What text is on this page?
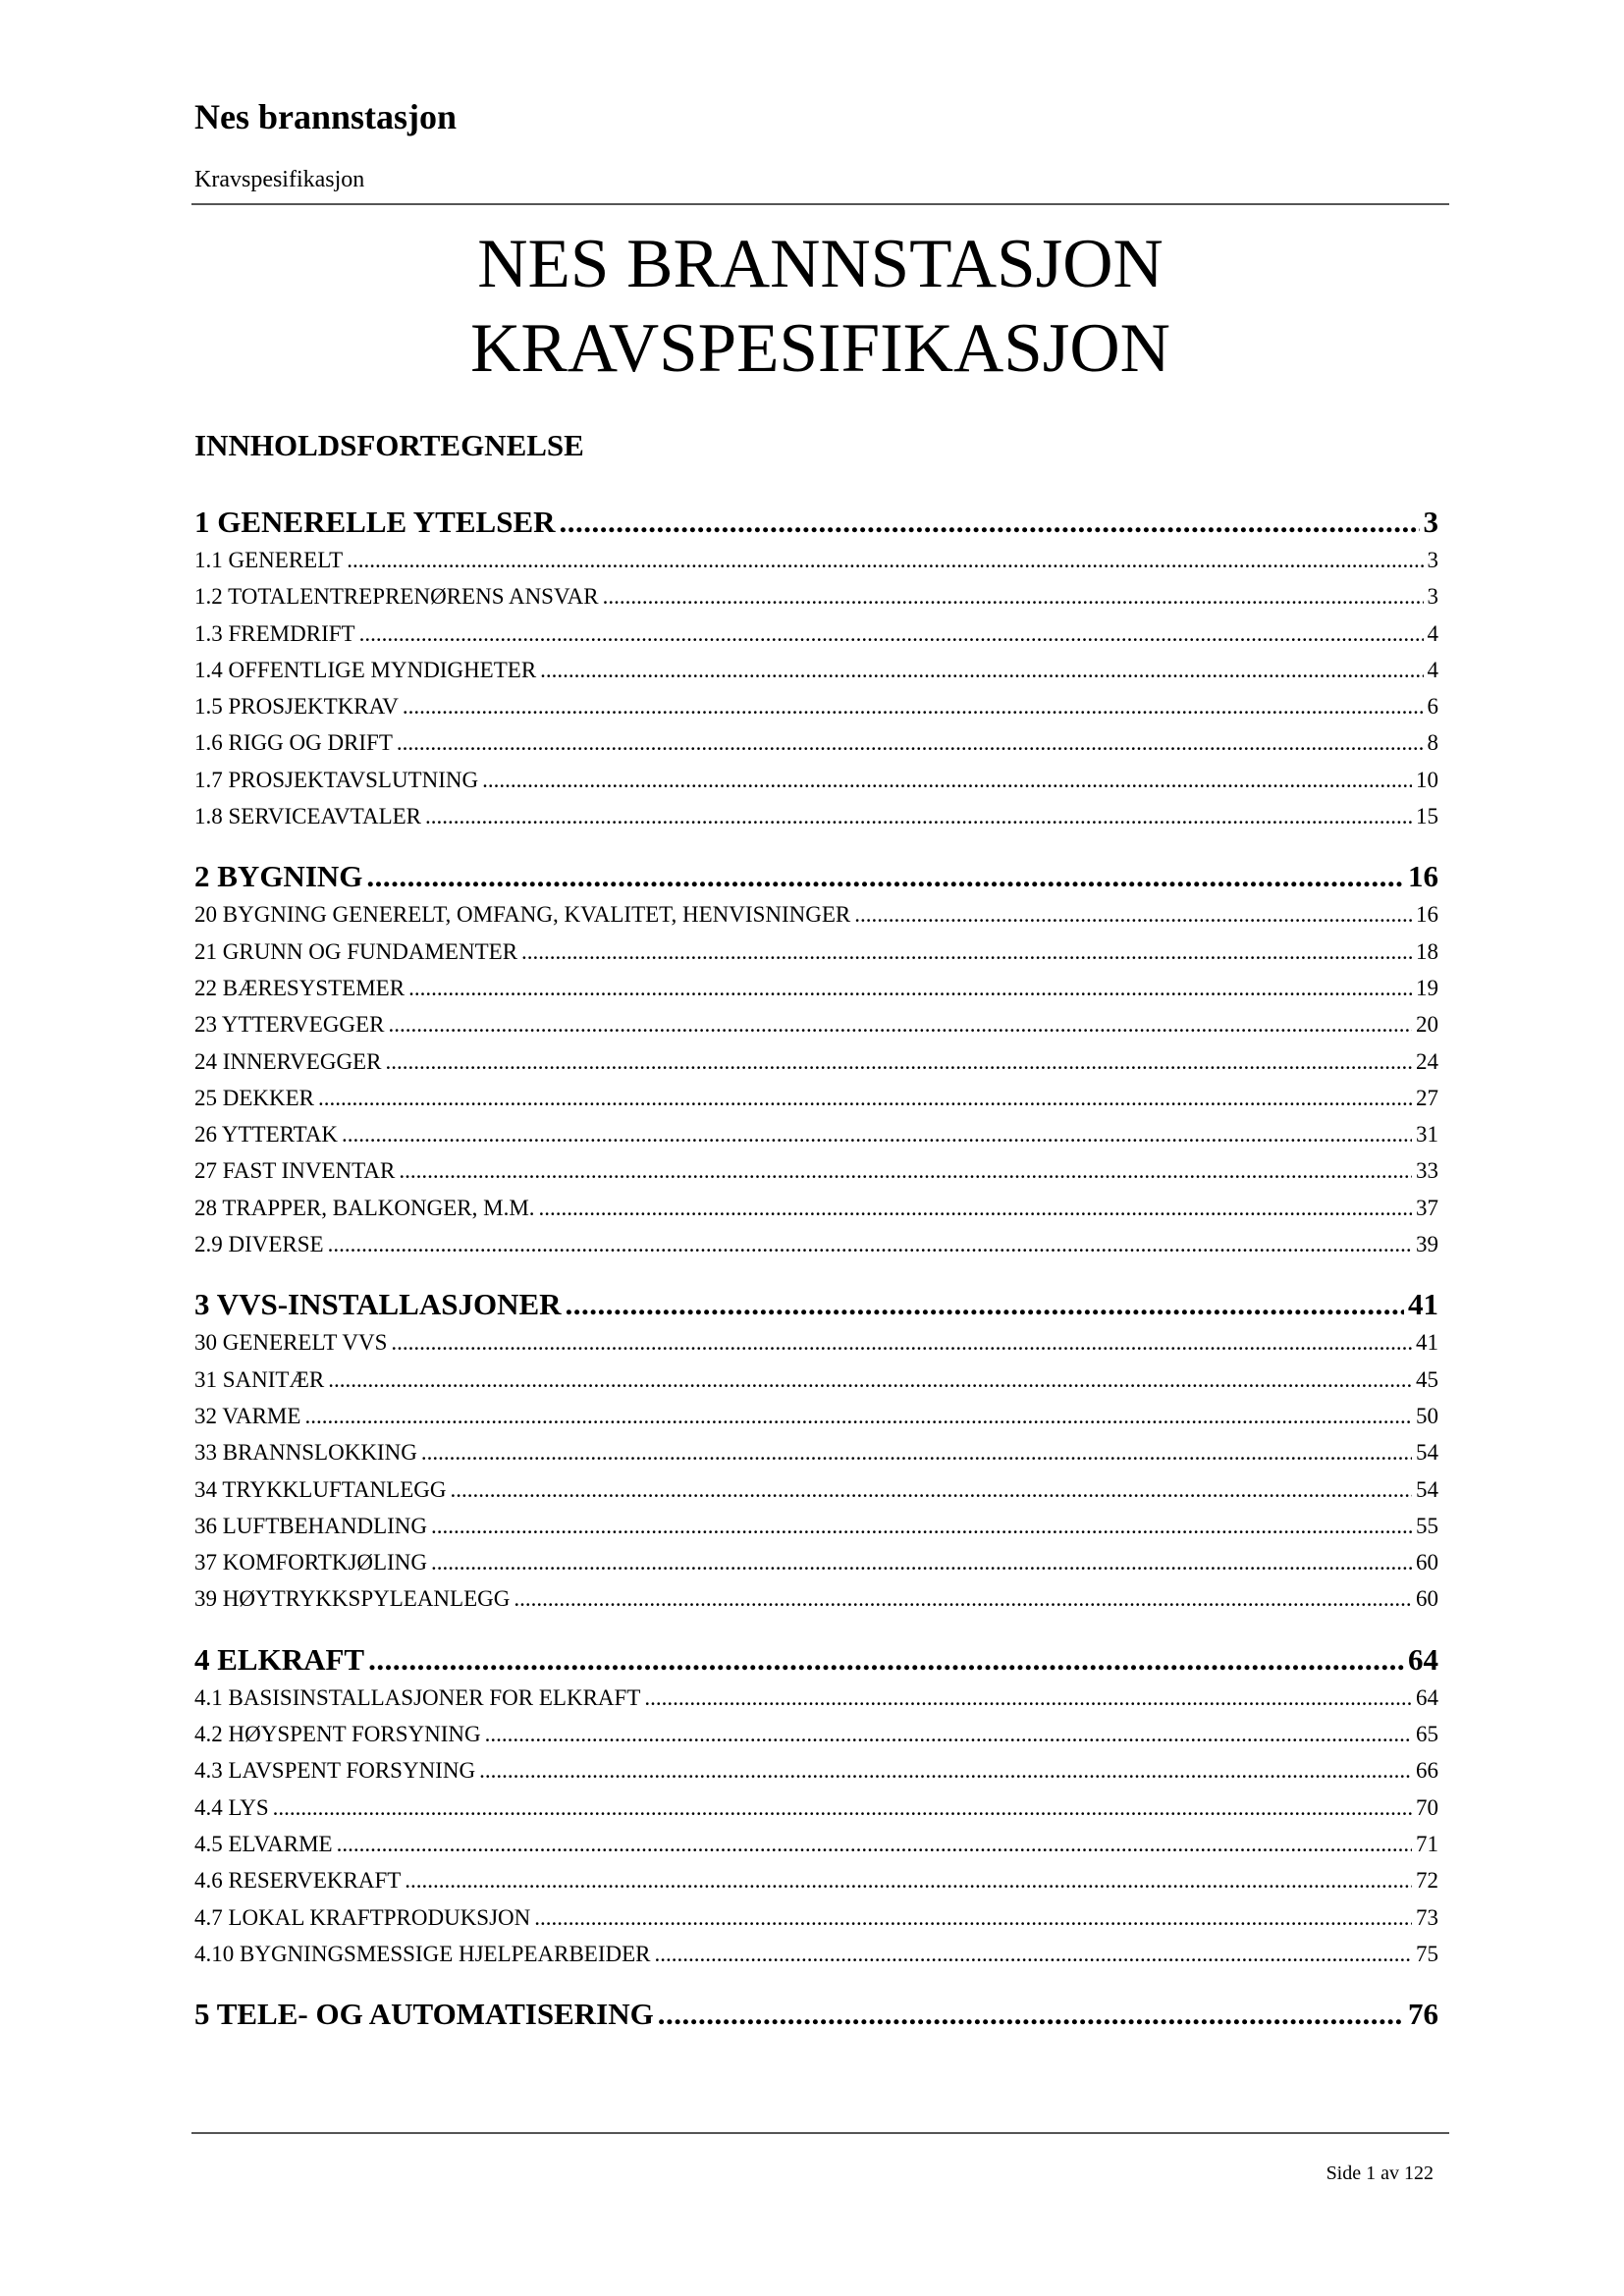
Nes brannstasjon
Kravspesifikasjon
NES BRANNSTASJON
KRAVSPESIFIKASJON
INNHOLDSFORTEGNELSE
1 GENERELLE YTELSER .....	3
1.1 GENERELT .....	3
1.2 TOTALENTREPRENØRENS ANSVAR .....	3
1.3 FREMDRIFT .....	4
1.4 OFFENTLIGE MYNDIGHETER .....	4
1.5 PROSJEKTKRAV .....	6
1.6 RIGG OG DRIFT .....	8
1.7 PROSJEKTAVSLUTNING .....	10
1.8 SERVICEAVTALER .....	15
2 BYGNING .....	16
20 BYGNING GENERELT, OMFANG, KVALITET, HENVISNINGER .....	16
21 GRUNN OG FUNDAMENTER .....	18
22 BÆRESYSTEMER .....	19
23 YTTERVEGGER .....	20
24 INNERVEGGER .....	24
25 DEKKER .....	27
26 YTTERTAK .....	31
27 FAST INVENTAR .....	33
28 TRAPPER, BALKONGER, M.M. .....	37
2.9 DIVERSE .....	39
3 VVS-INSTALLASJONER .....	41
30 GENERELT VVS .....	41
31 SANITÆR .....	45
32 VARME .....	50
33 BRANNSLOKKING .....	54
34 TRYKKLUFTANLEGG .....	54
36 LUFTBEHANDLING .....	55
37 KOMFORTKJØLING .....	60
39 HØYTRYKKSPYLEANLEGG .....	60
4 ELKRAFT .....	64
4.1 BASISINSTALLASJONER FOR ELKRAFT .....	64
4.2 HØYSPENT FORSYNING .....	65
4.3 LAVSPENT FORSYNING .....	66
4.4 LYS .....	70
4.5 ELVARME .....	71
4.6 RESERVEKRAFT .....	72
4.7 LOKAL KRAFTPRODUKSJON .....	73
4.10 BYGNINGSMESSIGE HJELPEARBEIDER .....	75
5 TELE- OG AUTOMATISERING .....	76
Side 1 av 122
